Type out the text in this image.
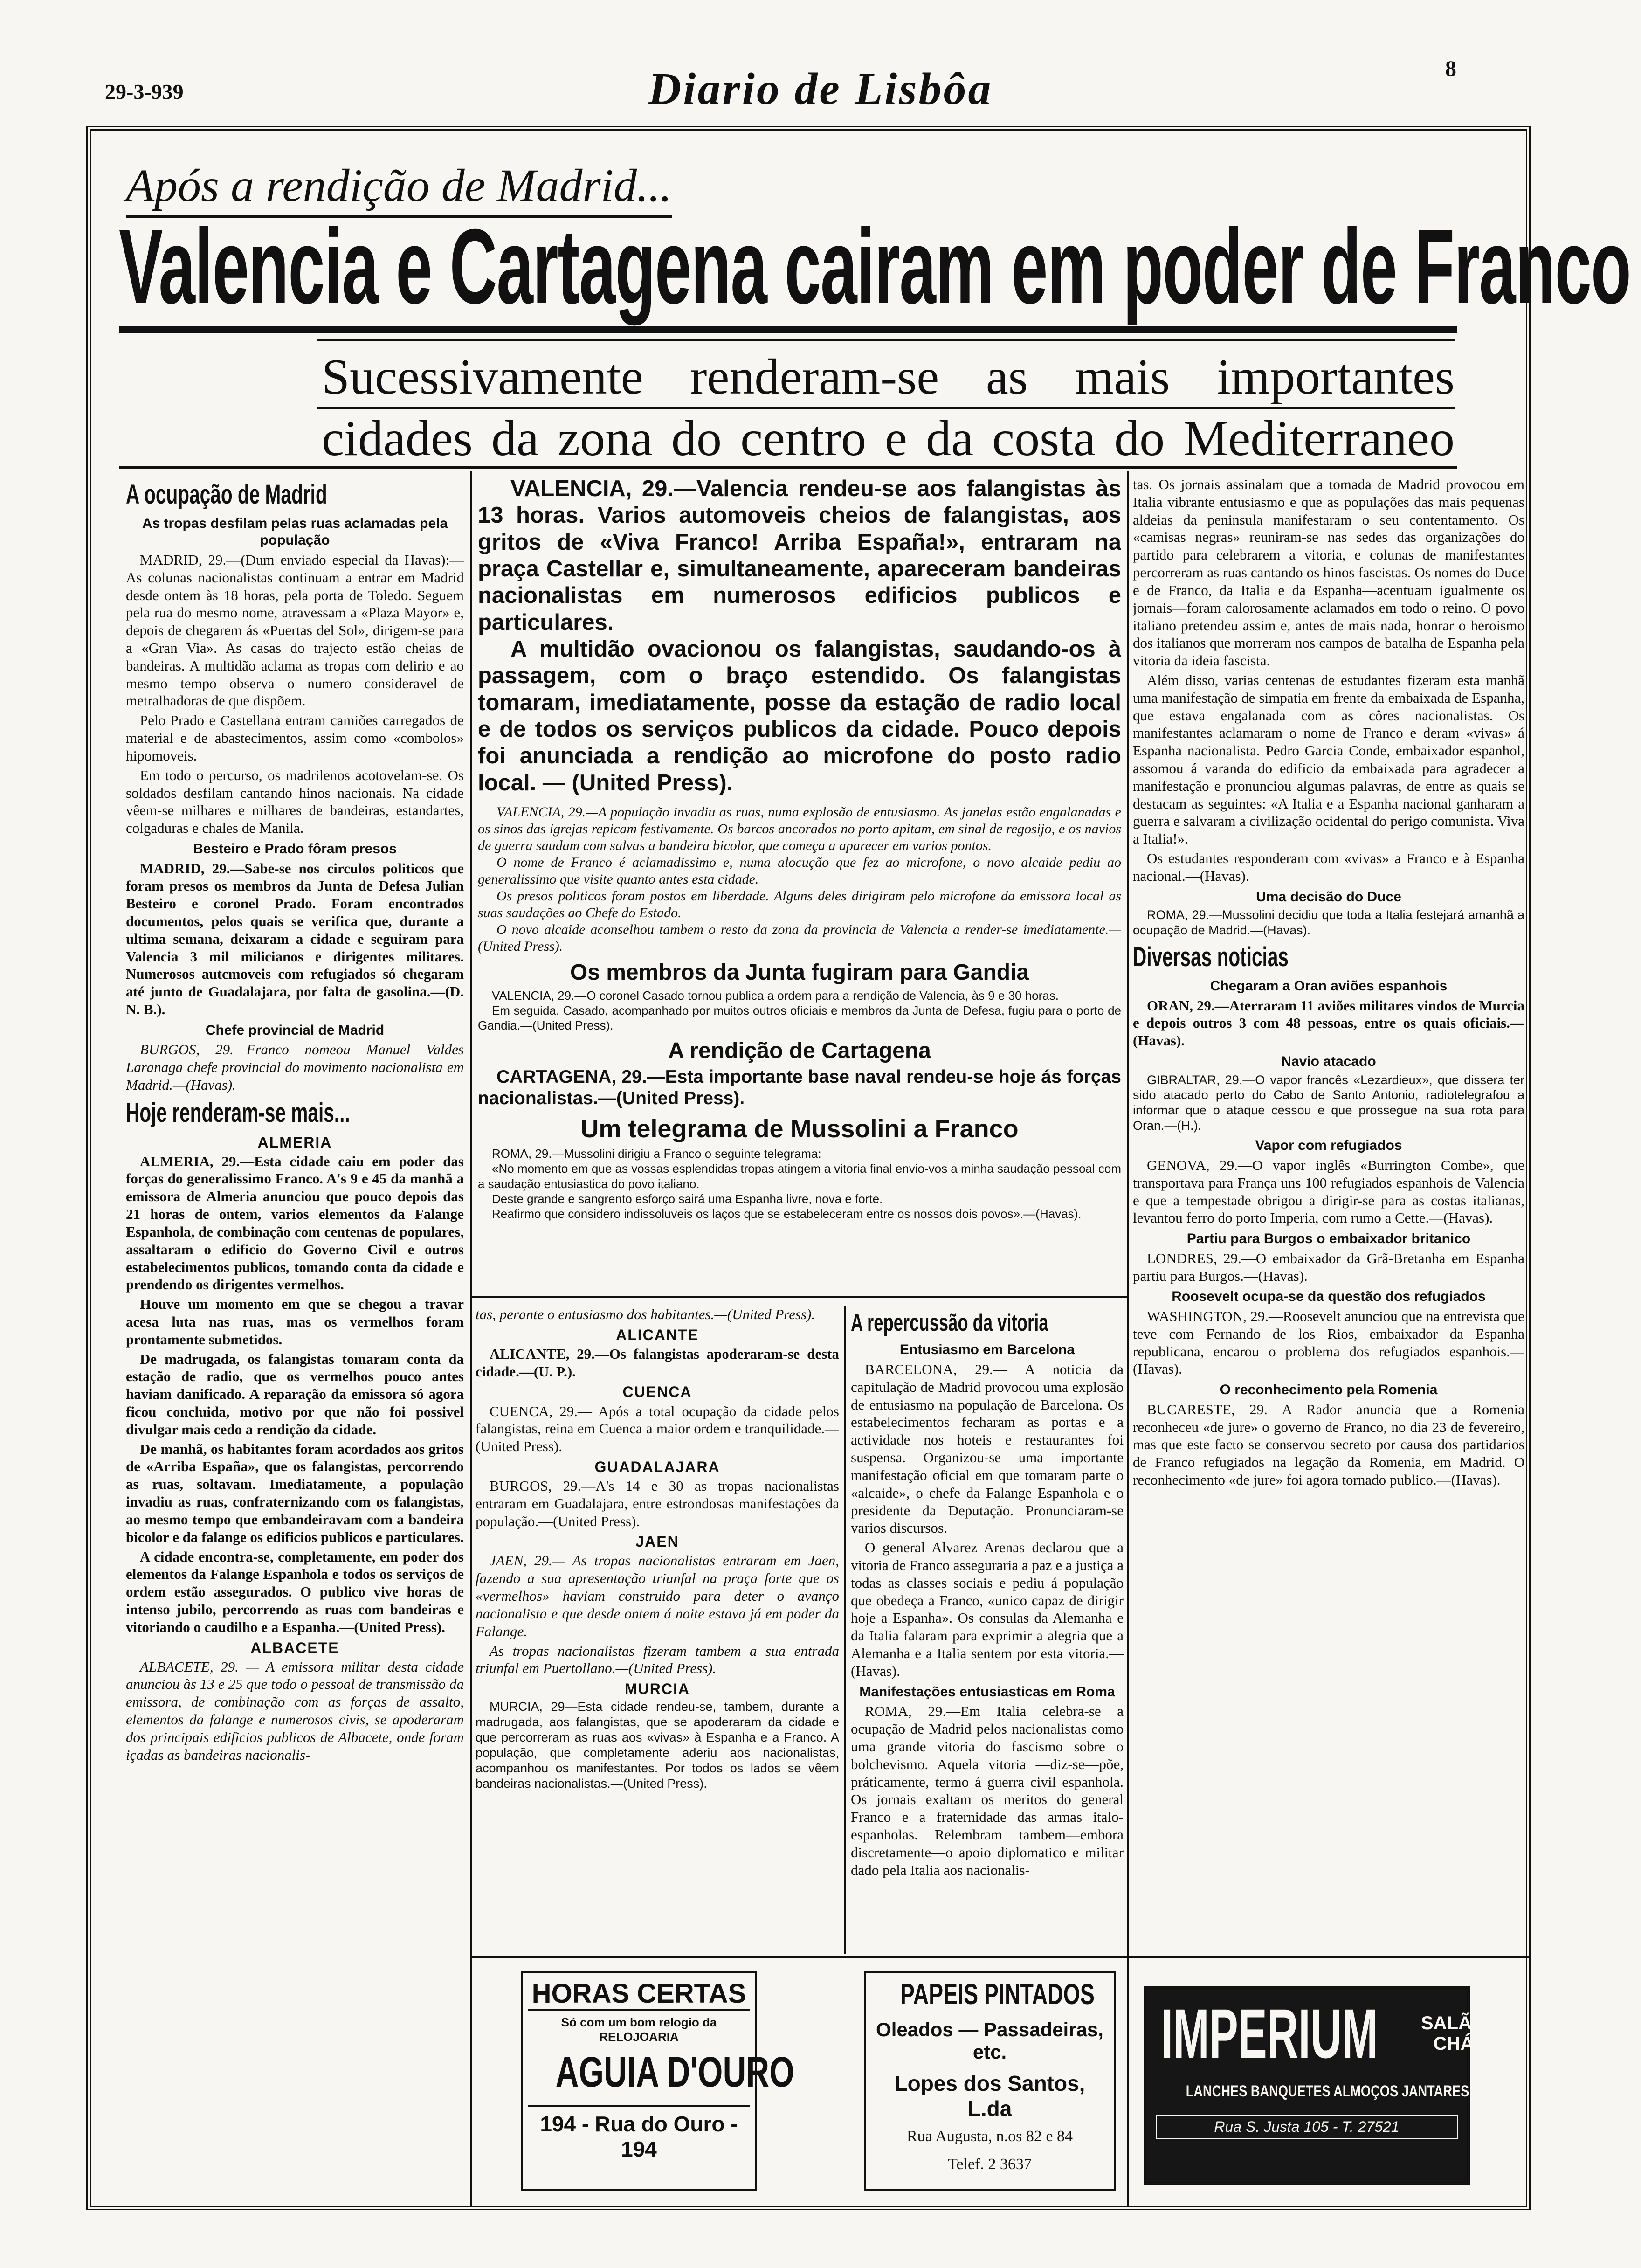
29-3-939	Diario de Lisbôa	8
Após a rendição de Madrid...
Valencia e Cartagena cairam em poder de Franco
Sucessivamente renderam-se as mais importantes
cidades da zona do centro e da costa do Mediterraneo
A ocupação de Madrid
As tropas desfilam pelas ruas aclamadas pela população

MADRID, 29.—(Dum enviado especial da Havas):—As colunas nacionalistas continuam a entrar em Madrid desde ontem às 18 horas, pela porta de Toledo. Seguem pela rua do mesmo nome, atravessam a «Plaza Mayor» e, depois de chegarem ás «Puertas del Sol», dirigem-se para a «Gran Via». As casas do trajecto estão cheias de bandeiras. A multidão aclama as tropas com delirio e ao mesmo tempo observa o numero consideravel de metralhadoras de que dispõem.

Pelo Prado e Castellana entram camiões carregados de material e de abastecimentos, assim como «combolos» hipomoveis.

Em todo o percurso, os madrilenos acotovelam-se. Os soldados desfilam cantando hinos nacionais. Na cidade vêem-se milhares e milhares de bandeiras, estandartes, colgaduras e chales de Manila.

Besteiro e Prado fôram presos

MADRID, 29.—Sabe-se nos circulos politicos que foram presos os membros da Junta de Defesa Julian Besteiro e coronel Prado. Foram encontrados documentos, pelos quais se verifica que, durante a ultima semana, deixaram a cidade e seguiram para Valencia 3 mil milicianos e dirigentes militares. Numerosos autcmoveis com refugiados só chegaram até junto de Guadalajara, por falta de gasolina.—(D. N. B.).

Chefe provincial de Madrid

BURGOS, 29.—Franco nomeou Manuel Valdes Laranaga chefe provincial do movimento nacionalista em Madrid.—(Havas).

Hoje renderam-se mais...
ALMERIA

ALMERIA, 29.—Esta cidade caiu em poder das forças do generalissimo Franco. A's 9 e 45 da manhã a emissora de Almeria anunciou que pouco depois das 21 horas de ontem, varios elementos da Falange Espanhola, de combinação com centenas de populares, assaltaram o edificio do Governo Civil e outros estabelecimentos publicos, tomando conta da cidade e prendendo os dirigentes vermelhos.

Houve um momento em que se chegou a travar acesa luta nas ruas, mas os vermelhos foram prontamente submetidos.

De madrugada, os falangistas tomaram conta da estação de radio, que os vermelhos pouco antes haviam danificado. A reparação da emissora só agora ficou concluida, motivo por que não foi possivel divulgar mais cedo a rendição da cidade.

De manhã, os habitantes foram acordados aos gritos de «Arriba España», que os falangistas, percorrendo as ruas, soltavam. Imediatamente, a população invadiu as ruas, confraternizando com os falangistas, ao mesmo tempo que embandeiravam com a bandeira bicolor e da falange os edificios publicos e particulares.

A cidade encontra-se, completamente, em poder dos elementos da Falange Espanhola e todos os serviços de ordem estão assegurados. O publico vive horas de intenso jubilo, percorrendo as ruas com bandeiras e vitoriando o caudilho e a Espanha.—(United Press).

ALBACETE

ALBACETE, 29. — A emissora militar desta cidade anunciou às 13 e 25 que todo o pessoal de transmissão da emissora, de combinação com as forças de assalto, elementos da falange e numerosos civis, se apoderaram dos principais edificios publicos de Albacete, onde foram içadas as bandeiras nacionalis-

VALENCIA, 29.—Valencia rendeu-se aos falangistas às 13 horas. Varios automoveis cheios de falangistas, aos gritos de «Viva Franco! Arriba España!», entraram na praça Castellar e, simultaneamente, apareceram bandeiras nacionalistas em numerosos edificios publicos e particulares.

A multidão ovacionou os falangistas, saudando-os à passagem, com o braço estendido. Os falangistas tomaram, imediatamente, posse da estação de radio local e de todos os serviços publicos da cidade. Pouco depois foi anunciada a rendição ao microfone do posto radio local. — (United Press).

VALENCIA, 29.—A população invadiu as ruas, numa explosão de entusiasmo. As janelas estão engalanadas e os sinos das igrejas repicam festivamente. Os barcos ancorados no porto apitam, em sinal de regosijo, e os navios de guerra saudam com salvas a bandeira bicolor, que começa a aparecer em varios pontos.

O nome de Franco é aclamadissimo e, numa alocução que fez ao microfone, o novo alcaide pediu ao generalissimo que visite quanto antes esta cidade.

Os presos politicos foram postos em liberdade. Alguns deles dirigiram pelo microfone da emissora local as suas saudações ao Chefe do Estado.

O novo alcaide aconselhou tambem o resto da zona da provincia de Valencia a render-se imediatamente.—(United Press).

Os membros da Junta fugiram para Gandia

VALENCIA, 29.—O coronel Casado tornou publica a ordem para a rendição de Valencia, às 9 e 30 horas.

Em seguida, Casado, acompanhado por muitos outros oficiais e membros da Junta de Defesa, fugiu para o porto de Gandia.—(United Press).

A rendição de Cartagena

CARTAGENA, 29.—Esta importante base naval rendeu-se hoje ás forças nacionalistas.—(United Press).

Um telegrama de Mussolini a Franco

ROMA, 29.—Mussolini dirigiu a Franco o seguinte telegrama:

«No momento em que as vossas esplendidas tropas atingem a vitoria final envio-vos a minha saudação pessoal com a saudação entusiastica do povo italiano.

Deste grande e sangrento esforço sairá uma Espanha livre, nova e forte.

Reafirmo que considero indissoluveis os laços que se estabeleceram entre os nossos dois povos».—(Havas).

tas, perante o entusiasmo dos habitantes.—(United Press).

ALICANTE

ALICANTE, 29.—Os falangistas apoderaram-se desta cidade.—(U. P.).

CUENCA

CUENCA, 29.— Após a total ocupação da cidade pelos falangistas, reina em Cuenca a maior ordem e tranquilidade.—(United Press).

GUADALAJARA

BURGOS, 29.—A's 14 e 30 as tropas nacionalistas entraram em Guadalajara, entre estrondosas manifestações da população.—(United Press).

JAEN

JAEN, 29.— As tropas nacionalistas entraram em Jaen, fazendo a sua apresentação triunfal na praça forte que os «vermelhos» haviam construido para deter o avanço nacionalista e que desde ontem á noite estava já em poder da Falange.

As tropas nacionalistas fizeram tambem a sua entrada triunfal em Puertollano.—(United Press).

MURCIA

MURCIA, 29—Esta cidade rendeu-se, tambem, durante a madrugada, aos falangistas, que se apoderaram da cidade e que percorreram as ruas aos «vivas» à Espanha e a Franco. A população, que completamente aderiu aos nacionalistas, acompanhou os manifestantes. Por todos os lados se vêem bandeiras nacionalistas.—(United Press).

A repercussão da vitoria
Entusiasmo em Barcelona

BARCELONA, 29.— A noticia da capitulação de Madrid provocou uma explosão de entusiasmo na população de Barcelona. Os estabelecimentos fecharam as portas e a actividade nos hoteis e restaurantes foi suspensa. Organizou-se uma importante manifestação oficial em que tomaram parte o «alcaide», o chefe da Falange Espanhola e o presidente da Deputação. Pronunciaram-se varios discursos.

O general Alvarez Arenas declarou que a vitoria de Franco asseguraria a paz e a justiça a todas as classes sociais e pediu á população que obedeça a Franco, «unico capaz de dirigir hoje a Espanha». Os consulas da Alemanha e da Italia falaram para exprimir a alegria que a Alemanha e a Italia sentem por esta vitoria.—(Havas).

Manifestações entusiasticas em Roma

ROMA, 29.—Em Italia celebra-se a ocupação de Madrid pelos nacionalistas como uma grande vitoria do fascismo sobre o bolchevismo. Aquela vitoria —diz-se—põe, práticamente, termo á guerra civil espanhola. Os jornais exaltam os meritos do general Franco e a fraternidade das armas italo-espanholas. Relembram tambem—embora discretamente—o apoio diplomatico e militar dado pela Italia aos nacionalis-

tas. Os jornais assinalam que a tomada de Madrid provocou em Italia vibrante entusiasmo e que as populações das mais pequenas aldeias da peninsula manifestaram o seu contentamento. Os «camisas negras» reuniram-se nas sedes das organizações do partido para celebrarem a vitoria, e colunas de manifestantes percorreram as ruas cantando os hinos fascistas. Os nomes do Duce e de Franco, da Italia e da Espanha—acentuam igualmente os jornais—foram calorosamente aclamados em todo o reino. O povo italiano pretendeu assim e, antes de mais nada, honrar o heroismo dos italianos que morreram nos campos de batalha de Espanha pela vitoria da ideia fascista.

Além disso, varias centenas de estudantes fizeram esta manhã uma manifestação de simpatia em frente da embaixada de Espanha, que estava engalanada com as côres nacionalistas. Os manifestantes aclamaram o nome de Franco e deram «vivas» á Espanha nacionalista. Pedro Garcia Conde, embaixador espanhol, assomou á varanda do edificio da embaixada para agradecer a manifestação e pronunciou algumas palavras, de entre as quais se destacam as seguintes: «A Italia e a Espanha nacional ganharam a guerra e salvaram a civilização ocidental do perigo comunista. Viva a Italia!».

Os estudantes responderam com «vivas» a Franco e à Espanha nacional.—(Havas).

Uma decisão do Duce

ROMA, 29.—Mussolini decidiu que toda a Italia festejará amanhã a ocupação de Madrid.—(Havas).

Diversas noticias
Chegaram a Oran aviões espanhois

ORAN, 29.—Aterraram 11 aviões militares vindos de Murcia e depois outros 3 com 48 pessoas, entre os quais oficiais.—(Havas).

Navio atacado

GIBRALTAR, 29.—O vapor francês «Lezardieux», que dissera ter sido atacado perto do Cabo de Santo Antonio, radiotelegrafou a informar que o ataque cessou e que prossegue na sua rota para Oran.—(H.).

Vapor com refugiados

GENOVA, 29.—O vapor inglês «Burrington Combe», que transportava para França uns 100 refugiados espanhois de Valencia e que a tempestade obrigou a dirigir-se para as costas italianas, levantou ferro do porto Imperia, com rumo a Cette.—(Havas).

Partiu para Burgos o embaixador britanico

LONDRES, 29.—O embaixador da Grã-Bretanha em Espanha partiu para Burgos.—(Havas).

Roosevelt ocupa-se da questão dos refugiados

WASHINGTON, 29.—Roosevelt anunciou que na entrevista que teve com Fernando de los Rios, embaixador da Espanha republicana, encarou o problema dos refugiados espanhois.—(Havas).

O reconhecimento pela Romenia

BUCARESTE, 29.—A Rador anuncia que a Romenia reconheceu «de jure» o governo de Franco, no dia 23 de fevereiro, mas que este facto se conservou secreto por causa dos partidarios de Franco refugiados na legação da Romenia, em Madrid. O reconhecimento «de jure» foi agora tornado publico.—(Havas).

HORAS CERTAS
Só com um bom relogio da RELOJOARIA
AGUIA D'OURO
194 - Rua do Ouro - 194
PAPEIS PINTADOS
Oleados — Passadeiras, etc.
Lopes dos Santos, L.da
Rua Augusta, n.os 82 e 84
Telef. 2 3637
IMPERIUM SALÃO
CHÁ
LANCHES BANQUETES ALMOÇOS JANTARES
Rua S. Justa 105 - T. 27521
